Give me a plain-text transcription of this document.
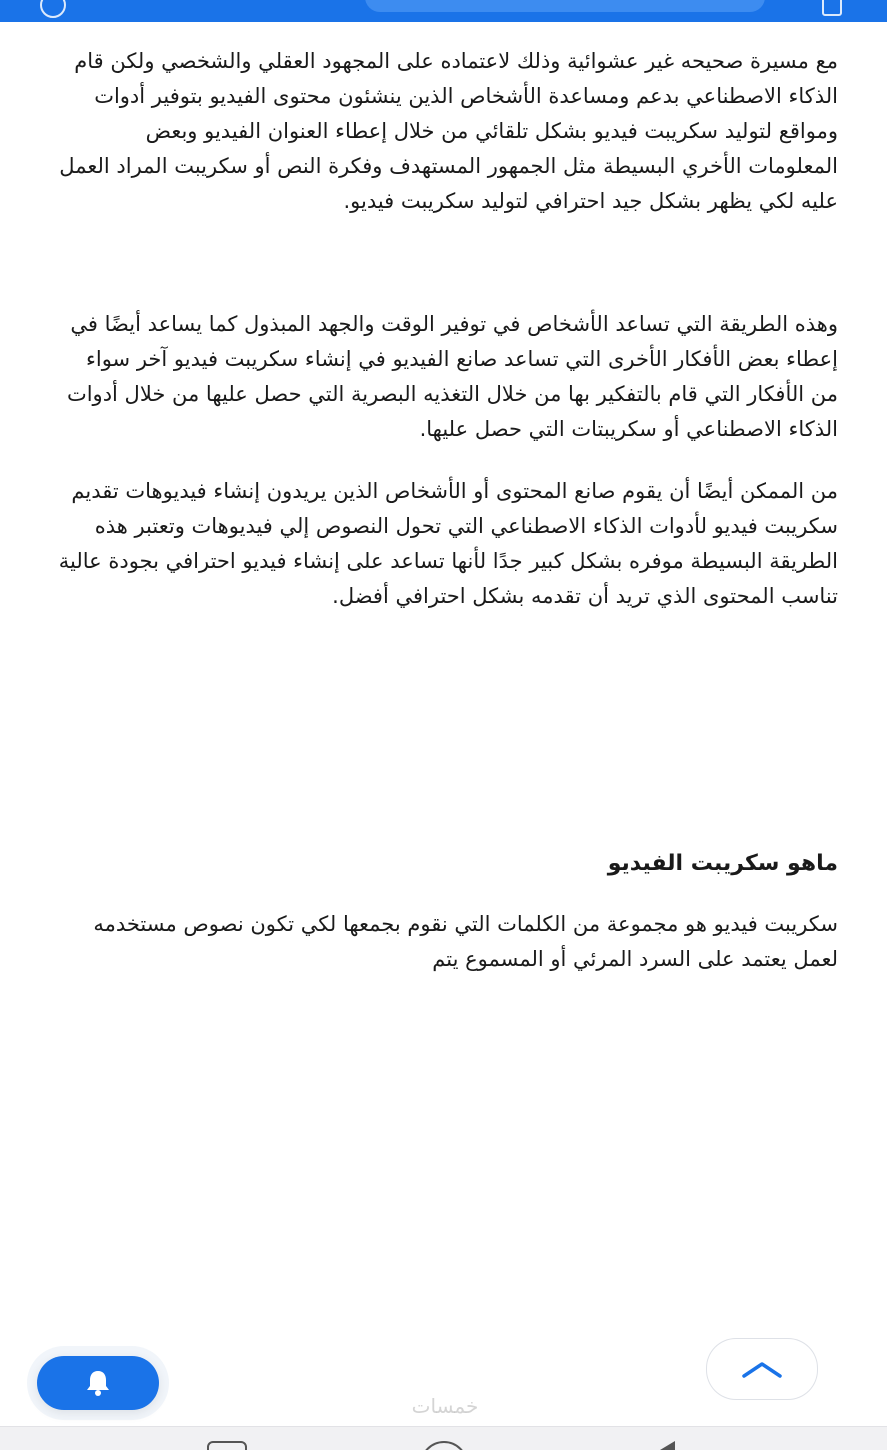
مع مسيرة صحيحه غير عشوائية وذلك لاعتماده على المجهود العقلي والشخصي ولكن قام الذكاء الاصطناعي بدعم ومساعدة الأشخاص الذين ينشئون محتوى الفيديو بتوفير أدوات ومواقع لتوليد سكريبت فيديو بشكل تلقائي من خلال إعطاء العنوان الفيديو وبعض المعلومات الأخري البسيطة مثل الجمهور المستهدف وفكرة النص أو سكريبت المراد العمل عليه لكي يظهر بشكل جيد احترافي لتوليد سكريبت فيديو.

وهذه الطريقة التي تساعد الأشخاص في توفير الوقت والجهد المبذول كما يساعد أيضًا في إعطاء بعض الأفكار الأخرى التي تساعد صانع الفيديو في إنشاء سكريبت فيديو آخر سواء من الأفكار التي قام بالتفكير بها من خلال التغذيه البصرية التي حصل عليها من خلال أدوات الذكاء الاصطناعي أو سكريبتات التي حصل عليها.

من الممكن أيضًا أن يقوم صانع المحتوى أو الأشخاص الذين يريدون إنشاء فيديوهات تقديم سكريبت فيديو لأدوات الذكاء الاصطناعي التي تحول النصوص إلي فيديوهات وتعتبر هذه الطريقة البسيطة موفره بشكل كبير جدًا لأنها تساعد على إنشاء فيديو احترافي بجودة عالية تناسب المحتوى الذي تريد أن تقدمه بشكل احترافي أفضل.

ماهو سكريبت الفيديو

سكريبت فيديو هو مجموعة من الكلمات التي نقوم بجمعها لكي تكون نصوص مستخدمه لعمل يعتمد على السرد المرئي أو المسموع يتم

خمسات
